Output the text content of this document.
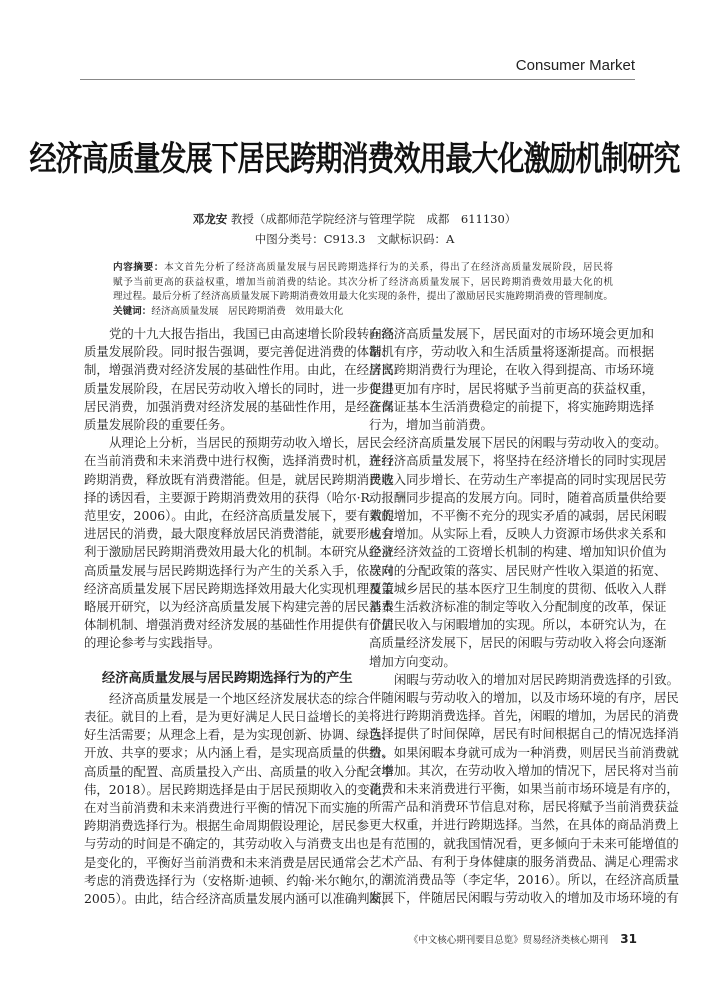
Consumer Market
经济高质量发展下居民跨期消费效用最大化激励机制研究
邓龙安 教授（成都师范学院经济与管理学院　成都　611130）
中图分类号：C913.3　文献标识码：A
内容摘要：本文首先分析了经济高质量发展与居民跨期选择行为的关系，得出了在经济高质量发展阶段，居民将
赋予当前更高的获益权重，增加当前消费的结论。其次分析了经济高质量发展下，居民跨期消费效用最大化的机
理过程。最后分析了经济高质量发展下跨期消费效用最大化实现的条件，提出了激励居民实施跨期消费的管理制度。
关键词：经济高质量发展　居民跨期消费　效用最大化
党的十九大报告指出，我国已由高速增长阶段转向高
质量发展阶段。同时报告强调，要完善促进消费的体制机
制，增强消费对经济发展的基础性作用。由此，在经济高
质量发展阶段，在居民劳动收入增长的同时，进一步促进
居民消费，加强消费对经济发展的基础性作用，是经济高
质量发展阶段的重要任务。
从理论上分析，当居民的预期劳动收入增长，居民会
在当前消费和未来消费中进行权衡，选择消费时机，进行
跨期消费，释放既有消费潜能。但是，就居民跨期消费选
择的诱因看，主要源于跨期消费效用的获得（哈尔·R·
范里安，2006）。由此，在经济高质量发展下，要有效促
进居民的消费，最大限度释放居民消费潜能，就要形成有
利于激励居民跨期消费效用最大化的机制。本研究从经济
高质量发展与居民跨期选择行为产生的关系入手，依次对
经济高质量发展下居民跨期选择效用最大化实现机理及策
略展开研究，以为经济高质量发展下构建完善的居民消费
体制机制、增强消费对经济发展的基础性作用提供有价值
的理论参考与实践指导。
经济高质量发展与居民跨期选择行为的产生
经济高质量发展是一个地区经济发展状态的综合
表征。就目的上看，是为更好满足人民日益增长的美
好生活需要；从理念上看，是为实现创新、协调、绿色、
开放、共享的要求；从内涵上看，是实现高质量的供给、
高质量的配置、高质量投入产出、高质量的收入分配（李
伟，2018）。居民跨期选择是由于居民预期收入的变化，
在对当前消费和未来消费进行平衡的情况下而实施的
跨期消费选择行为。根据生命周期假设理论，居民参
与劳动的时间是不确定的，其劳动收入与消费支出也
是变化的，平衡好当前消费和未来消费是居民通常会
考虑的消费选择行为（安格斯·迪顿、约翰·米尔鲍尔，
2005）。由此，结合经济高质量发展内涵可以准确判断，
在经济高质量发展下，居民面对的市场环境会更加和
谐、有序，劳动收入和生活质量将逐渐提高。而根据
居民跨期消费行为理论，在收入得到提高、市场环境
变得更加有序时，居民将赋予当前更高的获益权重，
在保证基本生活消费稳定的前提下，将实施跨期选择
行为，增加当前消费。
经济高质量发展下居民的闲暇与劳动收入的变动。
在经济高质量发展下，将坚持在经济增长的同时实现居
民收入同步增长、在劳动生产率提高的同时实现居民劳
动报酬同步提高的发展方向。同时，随着高质量供给要
素的增加，不平衡不充分的现实矛盾的减弱，居民闲暇
也会增加。从实际上看，反映人力资源市场供求关系和
企业经济效益的工资增长机制的构建、增加知识价值为
导向的分配政策的落实、居民财产性收入渠道的拓宽、
覆盖城乡居民的基本医疗卫生制度的贯彻、低收入人群
基本生活救济标准的制定等收入分配制度的改革，保证
了居民收入与闲暇增加的实现。所以，本研究认为，在
高质量经济发展下，居民的闲暇与劳动收入将会向逐渐
增加方向变动。
闲暇与劳动收入的增加对居民跨期消费选择的引致。
伴随闲暇与劳动收入的增加，以及市场环境的有序，居民
将进行跨期消费选择。首先，闲暇的增加，为居民的消费
选择提供了时间保障，居民有时间根据自己的情况选择消
费。如果闲暇本身就可成为一种消费，则居民当前消费就
会增加。其次，在劳动收入增加的情况下，居民将对当前
消费和未来消费进行平衡，如果当前市场环境是有序的，
所需产品和消费环节信息对称，居民将赋予当前消费获益
更大权重，并进行跨期选择。当然，在具体的商品消费上
是有范围的，就我国情况看，更多倾向于未来可能增值的
艺术产品、有利于身体健康的服务消费品、满足心理需求
的潮流消费品等（李定华，2016）。所以，在经济高质量
发展下，伴随居民闲暇与劳动收入的增加及市场环境的有
《中文核心期刊要目总览》贸易经济类核心期刊 31
